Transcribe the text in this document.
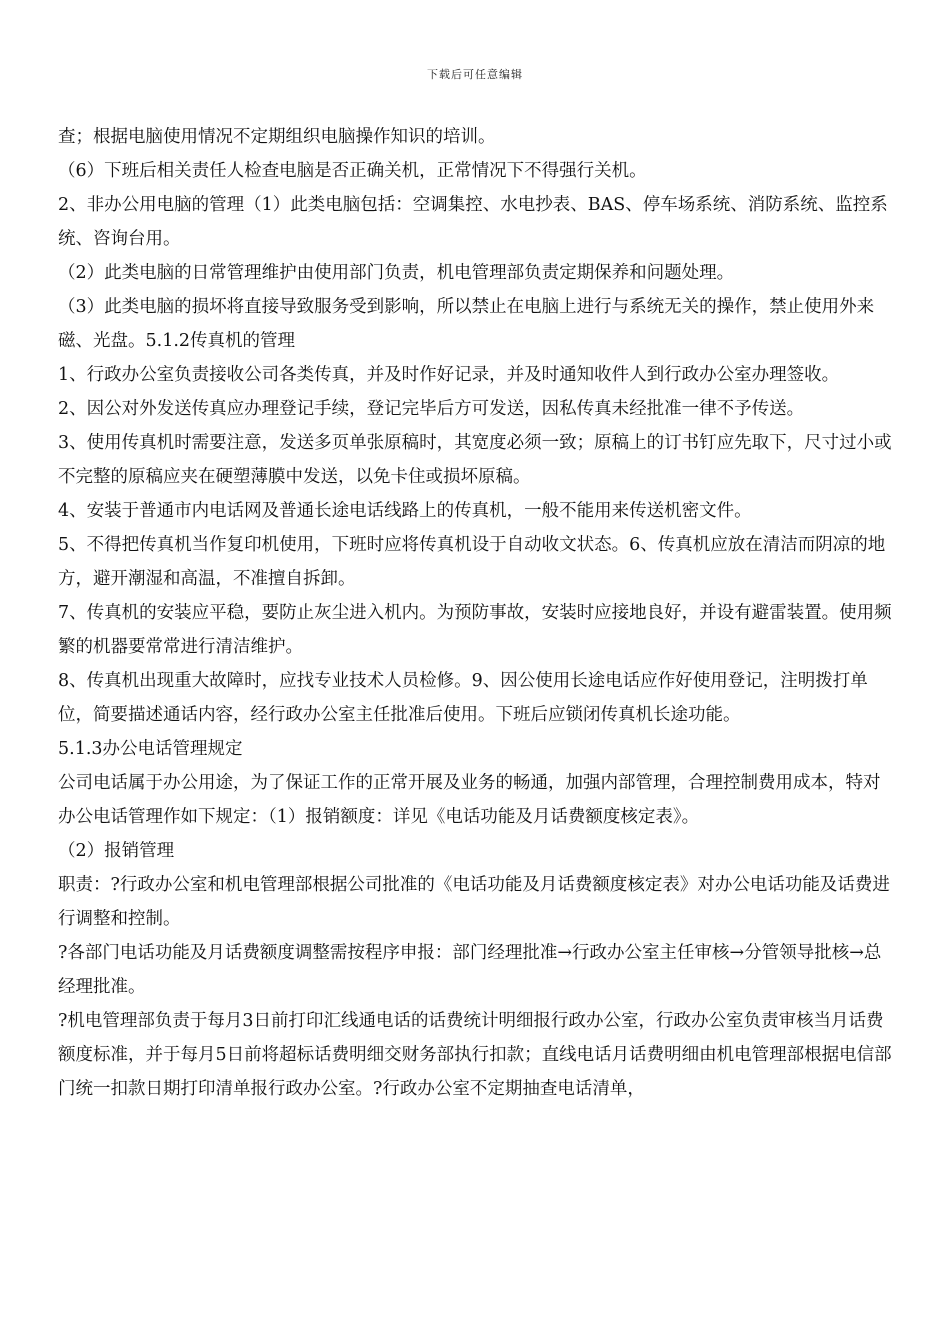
下载后可任意编辑

查；根据电脑使用情况不定期组织电脑操作知识的培训。

（6）下班后相关责任人检查电脑是否正确关机，正常情况下不得强行关机。

2、非办公用电脑的管理（1）此类电脑包括：空调集控、水电抄表、BAS、停车场系统、消防系统、监控系统、咨询台用。

（2）此类电脑的日常管理维护由使用部门负责，机电管理部负责定期保养和问题处理。

（3）此类电脑的损坏将直接导致服务受到影响，所以禁止在电脑上进行与系统无关的操作，禁止使用外来磁、光盘。5.1.2传真机的管理

1、行政办公室负责接收公司各类传真，并及时作好记录，并及时通知收件人到行政办公室办理签收。

2、因公对外发送传真应办理登记手续，登记完毕后方可发送，因私传真未经批准一律不予传送。

3、使用传真机时需要注意，发送多页单张原稿时，其宽度必须一致；原稿上的订书钉应先取下，尺寸过小或不完整的原稿应夹在硬塑薄膜中发送，以免卡住或损坏原稿。

4、安装于普通市内电话网及普通长途电话线路上的传真机，一般不能用来传送机密文件。

5、不得把传真机当作复印机使用，下班时应将传真机设于自动收文状态。6、传真机应放在清洁而阴凉的地方，避开潮湿和高温，不准擅自拆卸。

7、传真机的安装应平稳，要防止灰尘进入机内。为预防事故，安装时应接地良好，并设有避雷装置。使用频繁的机器要常常进行清洁维护。

8、传真机出现重大故障时，应找专业技术人员检修。9、因公使用长途电话应作好使用登记，注明拨打单位，简要描述通话内容，经行政办公室主任批准后使用。下班后应锁闭传真机长途功能。

5.1.3办公电话管理规定

公司电话属于办公用途，为了保证工作的正常开展及业务的畅通，加强内部管理，合理控制费用成本，特对办公电话管理作如下规定：（1）报销额度：详见《电话功能及月话费额度核定表》。

（2）报销管理

职责：?行政办公室和机电管理部根据公司批准的《电话功能及月话费额度核定表》对办公电话功能及话费进行调整和控制。

?各部门电话功能及月话费额度调整需按程序申报：部门经理批准→行政办公室主任审核→分管领导批核→总经理批准。

?机电管理部负责于每月3日前打印汇线通电话的话费统计明细报行政办公室，行政办公室负责审核当月话费额度标准，并于每月5日前将超标话费明细交财务部执行扣款；直线电话月话费明细由机电管理部根据电信部门统一扣款日期打印清单报行政办公室。?行政办公室不定期抽查电话清单，
